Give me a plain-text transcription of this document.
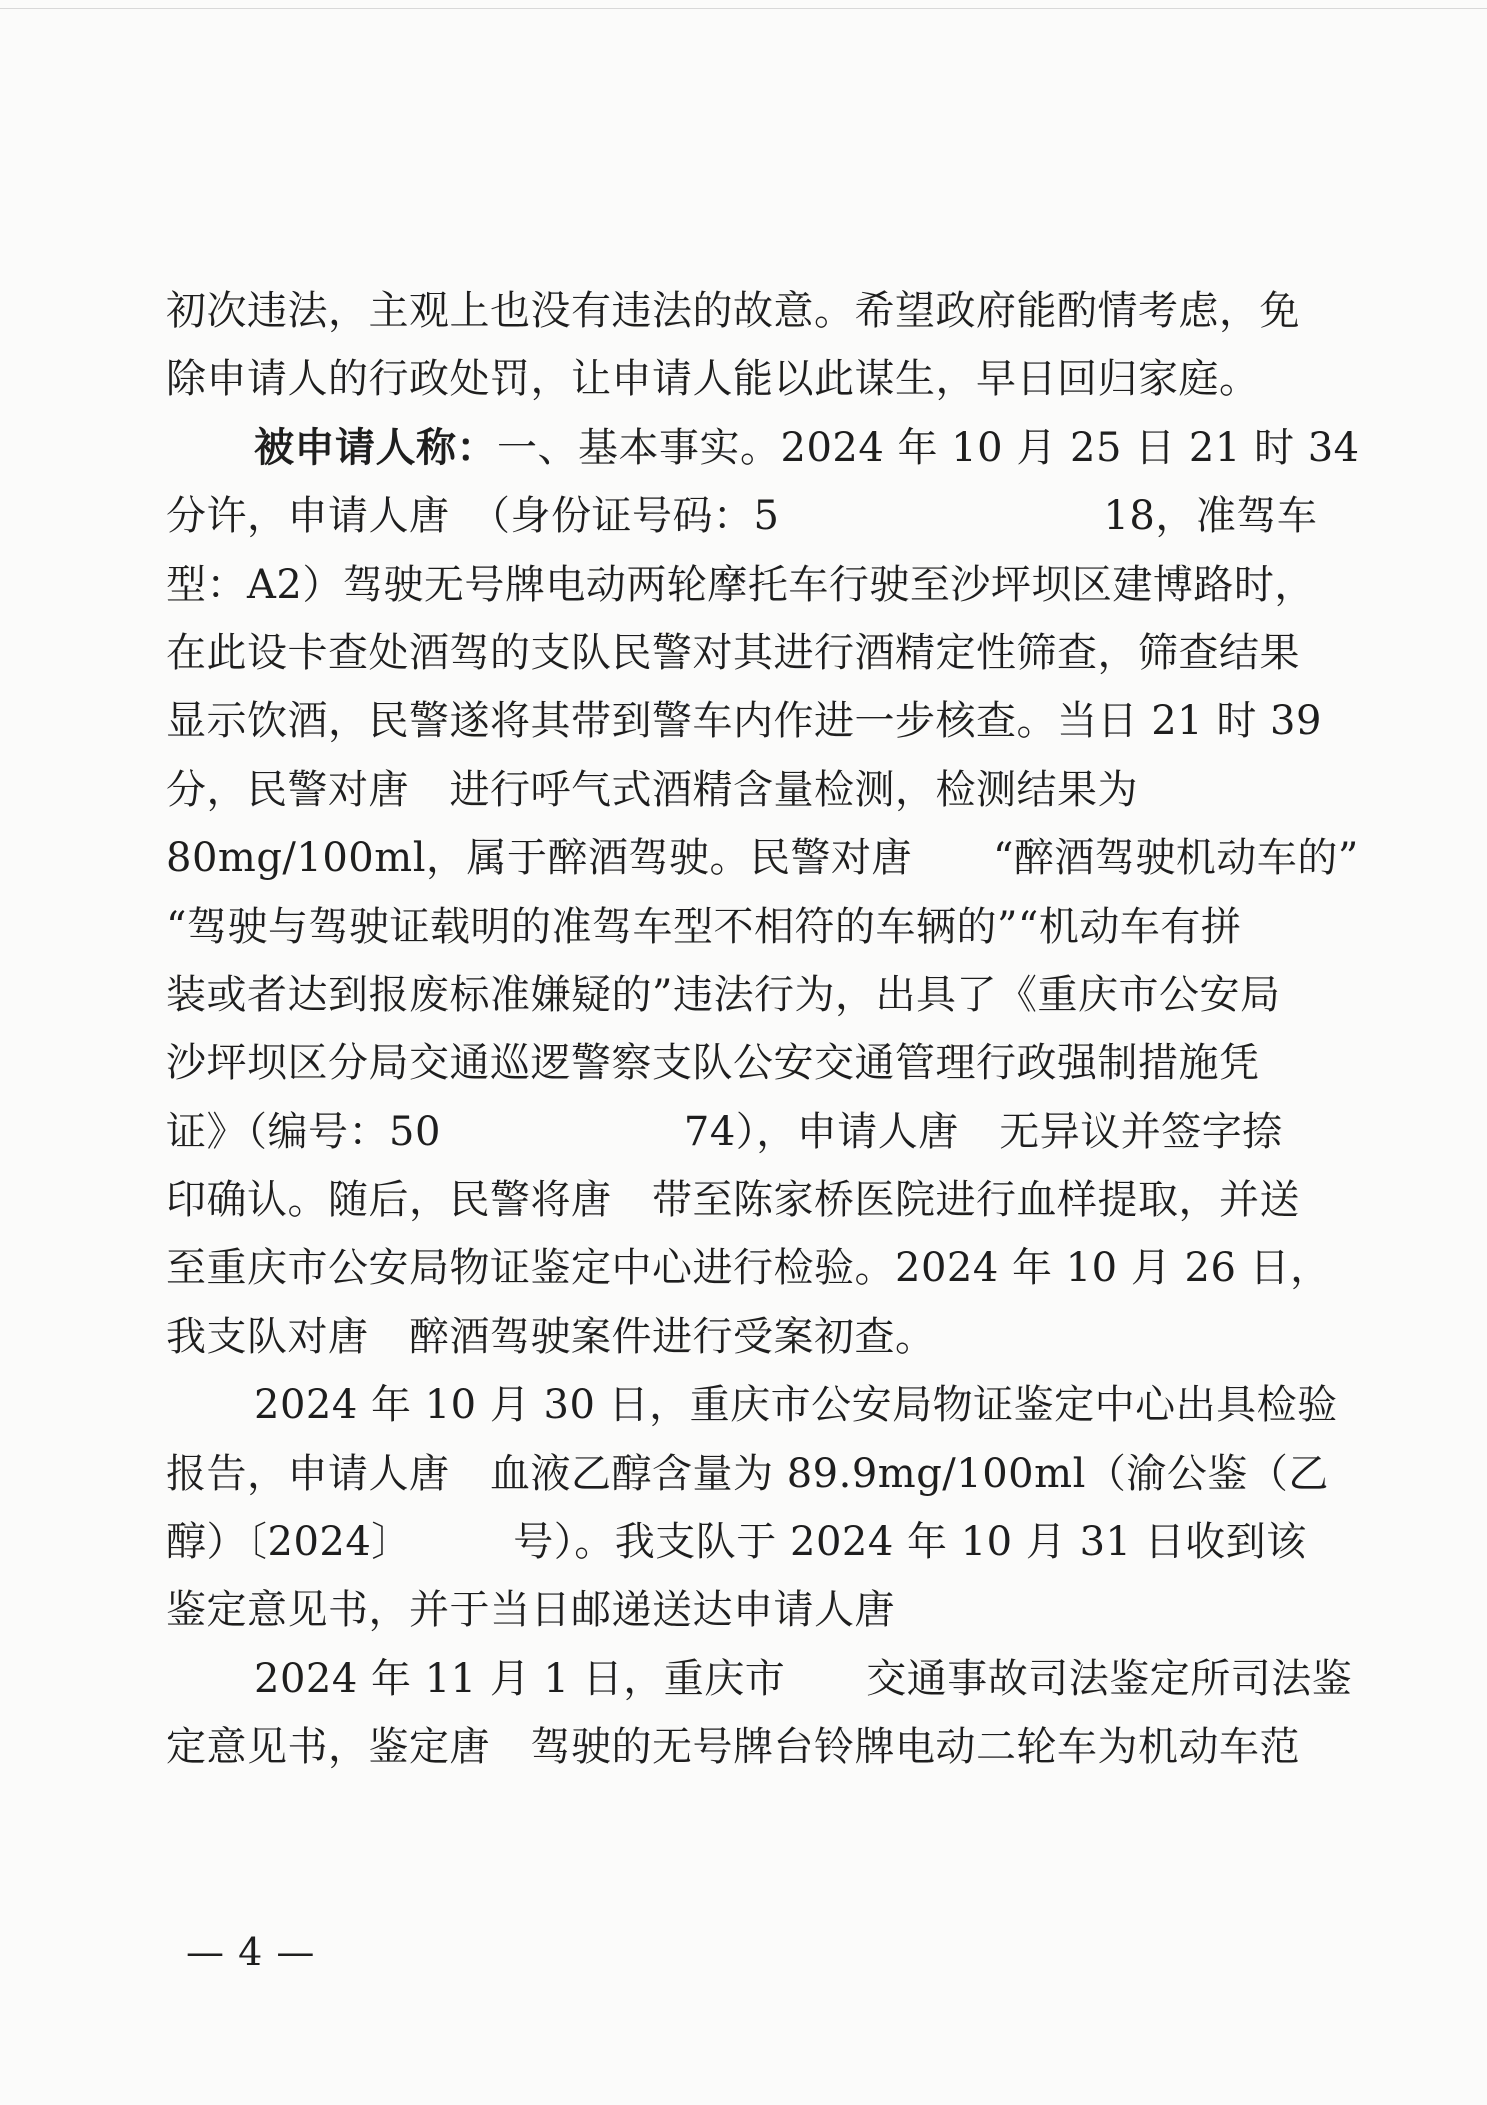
初次违法，主观上也没有违法的故意。希望政府能酌情考虑，免
除申请人的行政处罚，让申请人能以此谋生，早日回归家庭。
被申请人称：一、基本事实。2024 年 10 月 25 日 21 时 34
分许，申请人唐　（身份证号码：5　　　　　　　　18，准驾车
型：A2）驾驶无号牌电动两轮摩托车行驶至沙坪坝区建博路时，
在此设卡查处酒驾的支队民警对其进行酒精定性筛查，筛查结果
显示饮酒，民警遂将其带到警车内作进一步核查。当日 21 时 39
分，民警对唐　进行呼气式酒精含量检测，检测结果为
80mg/100ml，属于醉酒驾驶。民警对唐　　“醉酒驾驶机动车的”
“驾驶与驾驶证载明的准驾车型不相符的车辆的”“机动车有拼
装或者达到报废标准嫌疑的”违法行为，出具了《重庆市公安局
沙坪坝区分局交通巡逻警察支队公安交通管理行政强制措施凭
证》（编号：50　　　　　　74），申请人唐　无异议并签字捺
印确认。随后，民警将唐　带至陈家桥医院进行血样提取，并送
至重庆市公安局物证鉴定中心进行检验。2024 年 10 月 26 日，
我支队对唐　醉酒驾驶案件进行受案初查。
2024 年 10 月 30 日，重庆市公安局物证鉴定中心出具检验
报告，申请人唐　血液乙醇含量为 89.9mg/100ml（渝公鉴（乙
醇）〔2024〕　　　号）。我支队于 2024 年 10 月 31 日收到该
鉴定意见书，并于当日邮递送达申请人唐
2024 年 11 月 1 日，重庆市　　交通事故司法鉴定所司法鉴
定意见书，鉴定唐　驾驶的无号牌台铃牌电动二轮车为机动车范
— 4 —
